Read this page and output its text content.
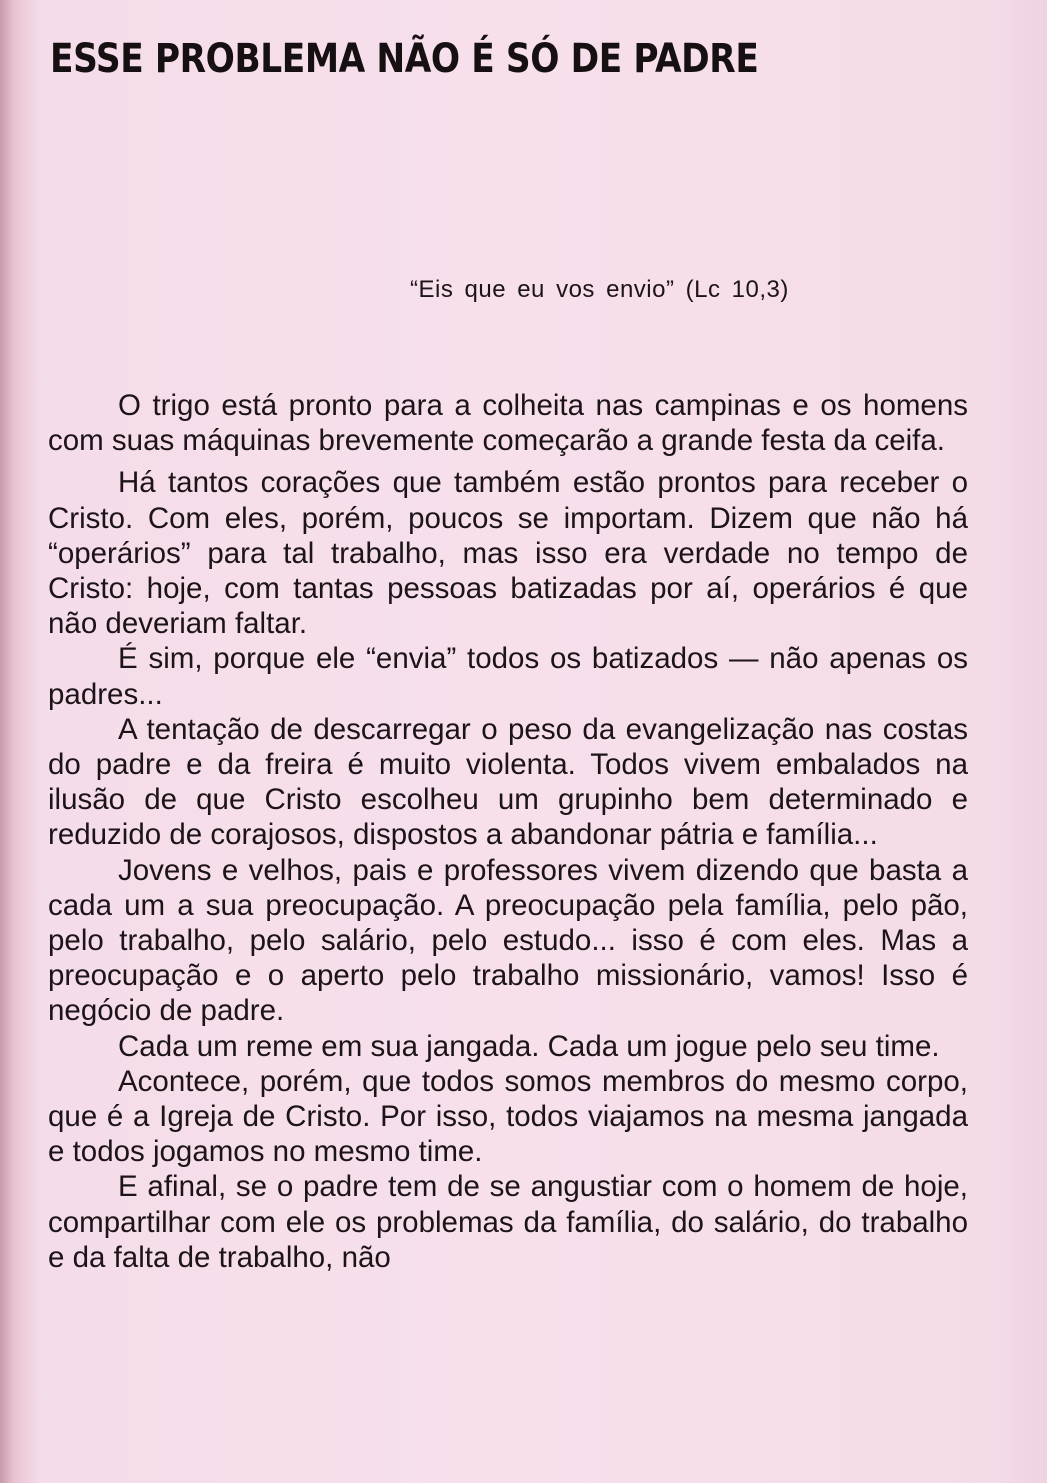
ESSE PROBLEMA NÃO É SÓ DE PADRE
“Eis que eu vos envio” (Lc 10,3)

O trigo está pronto para a colheita nas campinas e os homens com suas máquinas brevemente começarão a grande festa da ceifa.

Há tantos corações que também estão prontos para receber o Cristo. Com eles, porém, poucos se importam. Dizem que não há “operários” para tal trabalho, mas isso era verdade no tempo de Cristo: hoje, com tantas pessoas batizadas por aí, operários é que não deveriam faltar.

É sim, porque ele “envia” todos os batizados — não apenas os padres...

A tentação de descarregar o peso da evangelização nas costas do padre e da freira é muito violenta. Todos vivem embalados na ilusão de que Cristo escolheu um grupinho bem determinado e reduzido de corajosos, dispostos a abandonar pátria e família...

Jovens e velhos, pais e professores vivem dizendo que basta a cada um a sua preocupação. A preocupação pela família, pelo pão, pelo trabalho, pelo salário, pelo estudo... isso é com eles. Mas a preocupação e o aperto pelo trabalho missionário, vamos! Isso é negócio de padre.

Cada um reme em sua jangada. Cada um jogue pelo seu time.

Acontece, porém, que todos somos membros do mesmo corpo, que é a Igreja de Cristo. Por isso, todos viajamos na mesma jangada e todos jogamos no mesmo time.

E afinal, se o padre tem de se angustiar com o homem de hoje, compartilhar com ele os problemas da família, do salário, do trabalho e da falta de trabalho, não
